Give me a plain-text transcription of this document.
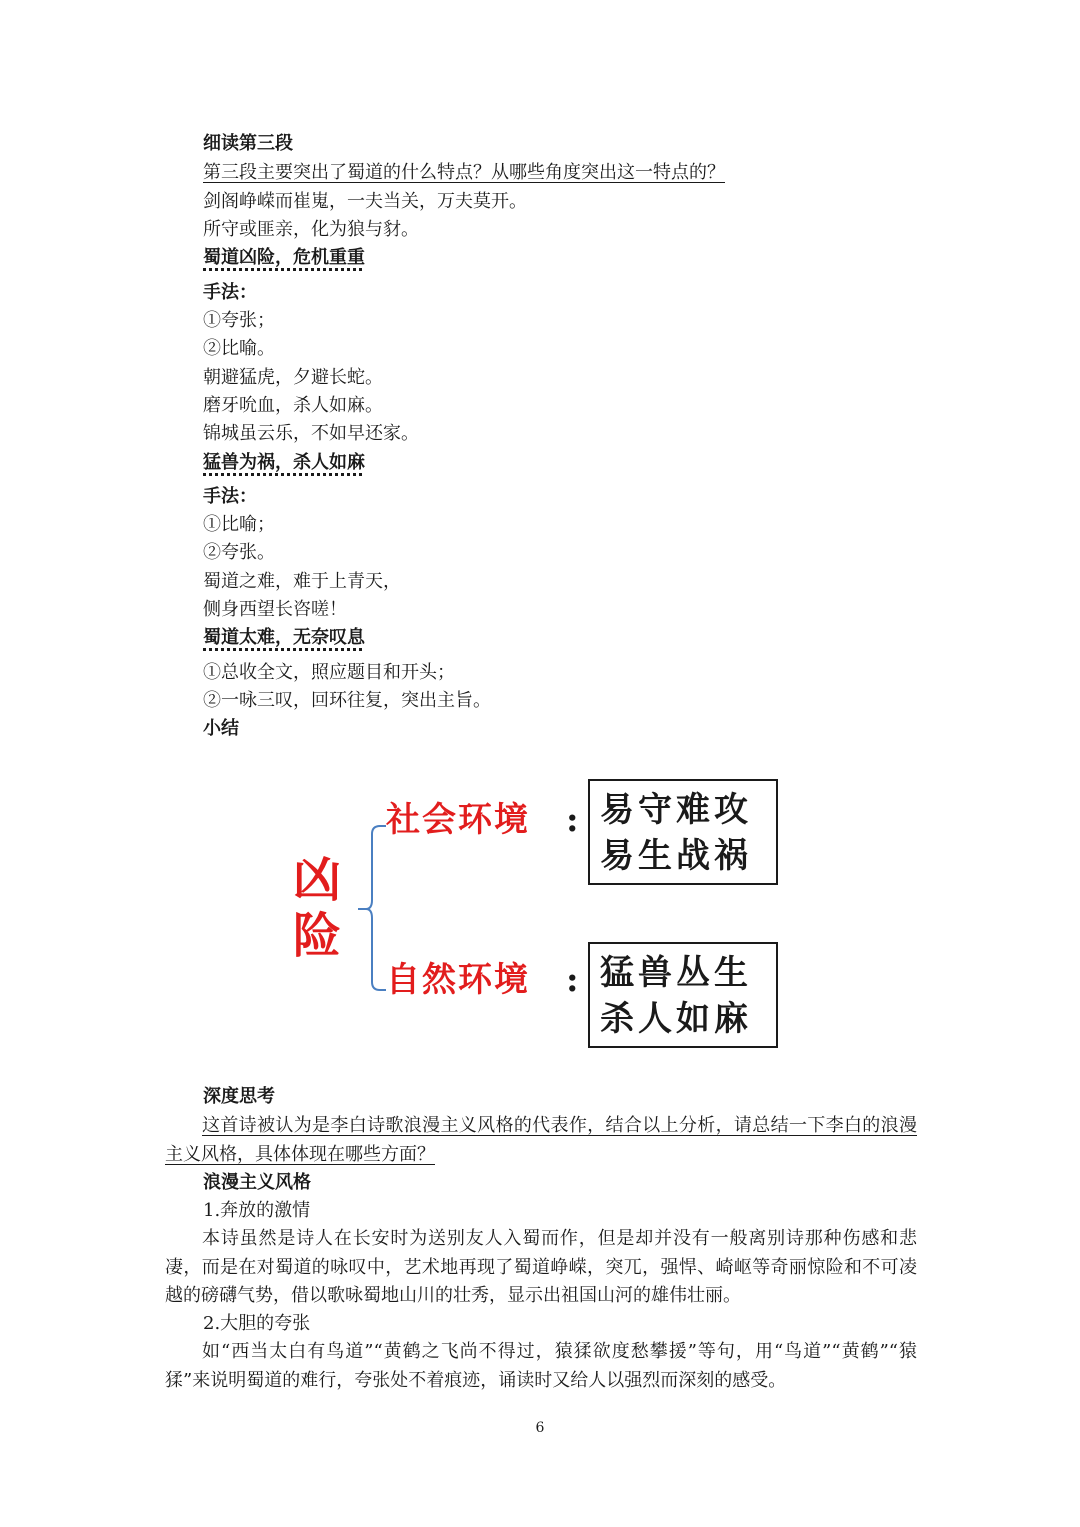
细读第三段
第三段主要突出了蜀道的什么特点？从哪些角度突出这一特点的？
剑阁峥嵘而崔嵬，一夫当关，万夫莫开。
所守或匪亲，化为狼与豺。
蜀道凶险，危机重重
手法：
①夸张；
②比喻。
朝避猛虎，夕避长蛇。
磨牙吮血，杀人如麻。
锦城虽云乐，不如早还家。
猛兽为祸，杀人如麻
手法：
①比喻；
②夸张。
蜀道之难，难于上青天，
侧身西望长咨嗟！
蜀道太难，无奈叹息
①总收全文，照应题目和开头；
②一咏三叹，回环往复，突出主旨。
小结
凶
险
社会环境 : 易守难攻
易生战祸
自然环境 : 猛兽丛生
杀人如麻
深度思考
这首诗被认为是李白诗歌浪漫主义风格的代表作，结合以上分析，请总结一下李白的浪漫主义风格，具体体现在哪些方面？
浪漫主义风格
1.奔放的激情
本诗虽然是诗人在长安时为送别友人入蜀而作，但是却并没有一般离别诗那种伤感和悲凄，而是在对蜀道的咏叹中，艺术地再现了蜀道峥嵘，突兀，强悍、崎岖等奇丽惊险和不可凌越的磅礴气势，借以歌咏蜀地山川的壮秀，显示出祖国山河的雄伟壮丽。
2.大胆的夸张
如“西当太白有鸟道”“黄鹤之飞尚不得过，猿猱欲度愁攀援”等句，用“鸟道”“黄鹤”“猿猱”来说明蜀道的难行，夸张处不着痕迹，诵读时又给人以强烈而深刻的感受。
6
